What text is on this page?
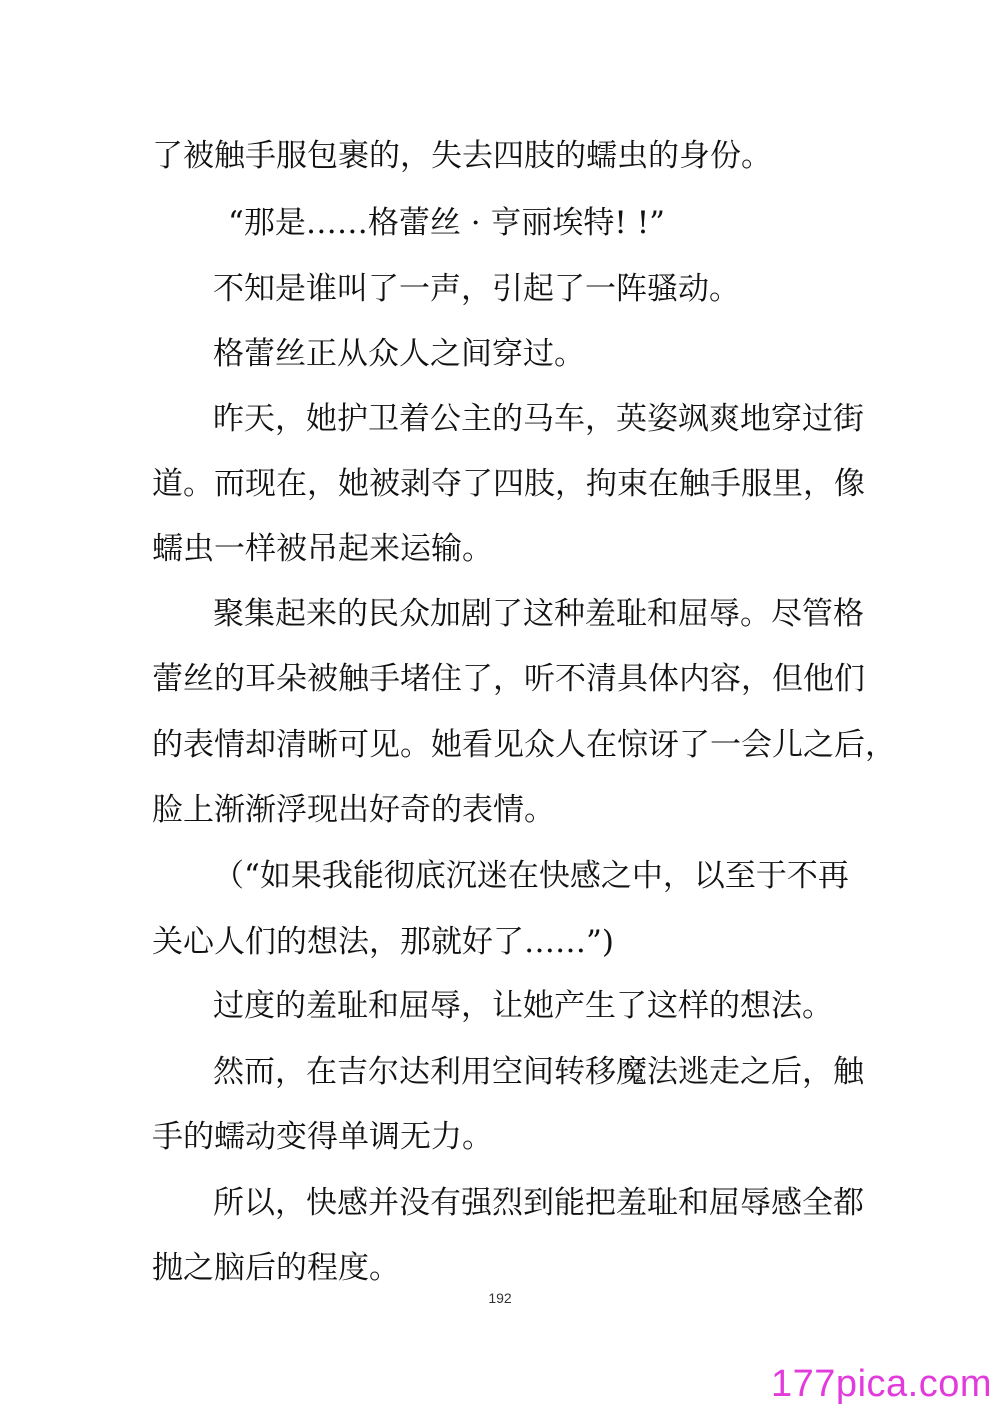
了被触手服包裹的，失去四肢的蠕虫的身份。
“那是……格蕾丝 · 亨丽埃特! !”
不知是谁叫了一声，引起了一阵骚动。
格蕾丝正从众人之间穿过。
昨天，她护卫着公主的马车，英姿飒爽地穿过街
道。而现在，她被剥夺了四肢，拘束在触手服里，像
蠕虫一样被吊起来运输。
聚集起来的民众加剧了这种羞耻和屈辱。尽管格
蕾丝的耳朵被触手堵住了，听不清具体内容，但他们
的表情却清晰可见。她看见众人在惊讶了一会儿之后，
脸上渐渐浮现出好奇的表情。
（“如果我能彻底沉迷在快感之中，以至于不再
关心人们的想法，那就好了……”)
过度的羞耻和屈辱，让她产生了这样的想法。
然而，在吉尔达利用空间转移魔法逃走之后，触
手的蠕动变得单调无力。
所以，快感并没有强烈到能把羞耻和屈辱感全都
抛之脑后的程度。
192
177pica.com
